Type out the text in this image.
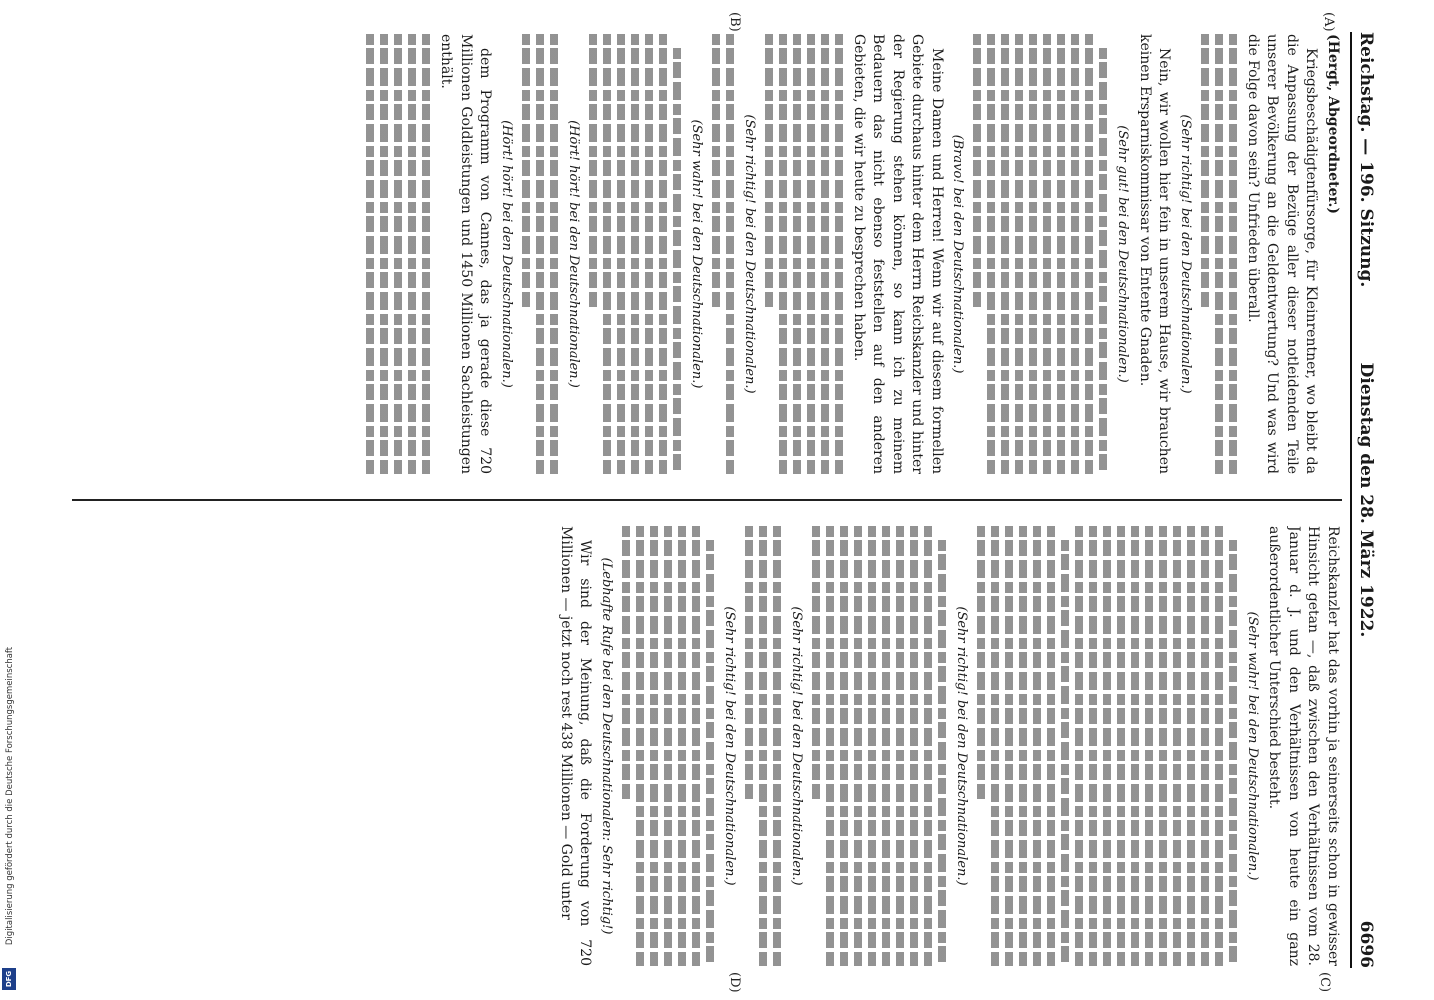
Digitalisierung gefördert durch die Deutsche Forschungsgemeinschaft
DFG
Reichstag. — 196. Sitzung.
Dienstag den 28. März 1922.
6696
(A)
(B)
(C)
(D)

(Hergt, Abgeordneter.)

Kriegsbeschädigtenfürsorge, für Kleinrentner, wo bleibt da die Anpassung der Bezüge aller dieser notleidenden Teile unserer Bevölkerung an die Geldentwertung? Und was wird die Folge davon sein? Unfrieden überall.

(Sehr richtig! bei den Deutschnationalen.)

Nein, wir wollen hier fein in unserem Hause, wir brauchen keinen Ersparniskommissar von Entente Gnaden.

(Sehr gut! bei den Deutschnationalen.)

(Bravo! bei den Deutschnationalen.)

Meine Damen und Herren! Wenn wir auf diesem formellen Gebiete durchaus hinter dem Herrn Reichskanzler und hinter der Regierung stehen können, so kann ich zu meinem Bedauern das nicht ebenso feststellen auf den anderen Gebieten, die wir heute zu besprechen haben.

(Sehr richtig! bei den Deutschnationalen.)

(Sehr wahr! bei den Deutschnationalen.)

(Hört! hört! bei den Deutschnationalen.)

(Hört! hört! bei den Deutschnationalen.)

dem Programm von Cannes, das ja gerade diese 720 Millionen Goldleistungen und 1450 Millionen Sachleistungen enthält.

Reichskanzler hat das vorhin ja seinerseits schon in gewisser Hinsicht getan —, daß zwischen den Verhältnissen vom 28. Januar d. J. und den Verhältnissen von heute ein ganz außerordentlicher Unterschied besteht.

(Sehr wahr! bei den Deutschnationalen.)

(Sehr richtig! bei den Deutschnationalen.)

(Sehr richtig! bei den Deutschnationalen.)

(Sehr richtig! bei den Deutschnationalen.)

(Lebhafte Rufe bei den Deutschnationalen: Sehr richtig!)

Wir sind der Meinung, daß die Forderung von 720 Millionen — jetzt noch rest 438 Millionen — Gold unter
